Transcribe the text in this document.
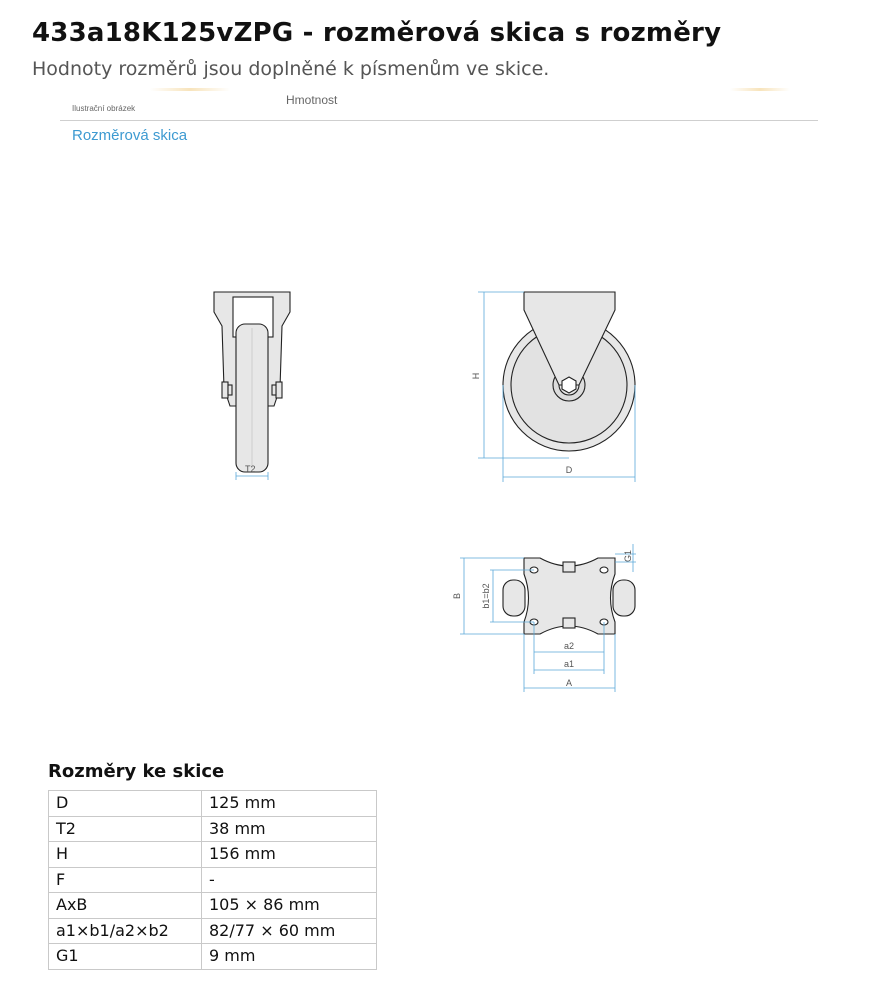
433a18K125vZPG - rozměrová skica s rozměry

Hodnoty rozměrů jsou doplněné k písmenům ve skice.

Ilustrační obrázek
Hmotnost
Rozměrová skica
T2
H
D
B b1=b2
G1
a2
a1
A
Rozměry ke skice
D	125 mm
T2	38 mm
H	156 mm
F	-
AxB	105 × 86 mm
a1×b1/a2×b2	82/77 × 60 mm
G1	9 mm
